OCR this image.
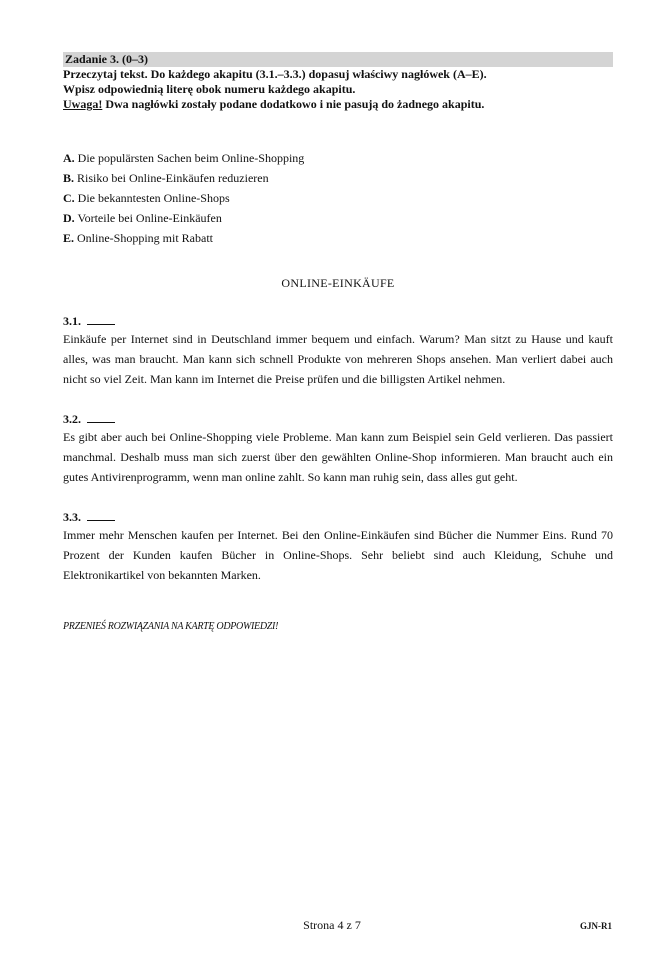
Zadanie 3. (0–3)
Przeczytaj tekst. Do każdego akapitu (3.1.–3.3.) dopasuj właściwy nagłówek (A–E).
Wpisz odpowiednią literę obok numeru każdego akapitu.
Uwaga! Dwa nagłówki zostały podane dodatkowo i nie pasują do żadnego akapitu.
A. Die populärsten Sachen beim Online-Shopping
B. Risiko bei Online-Einkäufen reduzieren
C. Die bekanntesten Online-Shops
D. Vorteile bei Online-Einkäufen
E. Online-Shopping mit Rabatt
ONLINE-EINKÄUFE
3.1.
Einkäufe per Internet sind in Deutschland immer bequem und einfach. Warum? Man sitzt zu Hause und kauft alles, was man braucht. Man kann sich schnell Produkte von mehreren Shops ansehen. Man verliert dabei auch nicht so viel Zeit. Man kann im Internet die Preise prüfen und die billigsten Artikel nehmen.
3.2.
Es gibt aber auch bei Online-Shopping viele Probleme. Man kann zum Beispiel sein Geld verlieren. Das passiert manchmal. Deshalb muss man sich zuerst über den gewählten Online-Shop informieren. Man braucht auch ein gutes Antivirenprogramm, wenn man online zahlt. So kann man ruhig sein, dass alles gut geht.
3.3.
Immer mehr Menschen kaufen per Internet. Bei den Online-Einkäufen sind Bücher die Nummer Eins. Rund 70 Prozent der Kunden kaufen Bücher in Online-Shops. Sehr beliebt sind auch Kleidung, Schuhe und Elektronikartikel von bekannten Marken.
PRZENIEŚ ROZWIĄZANIA NA KARTĘ ODPOWIEDZI!
Strona 4 z 7	GJN-R1
